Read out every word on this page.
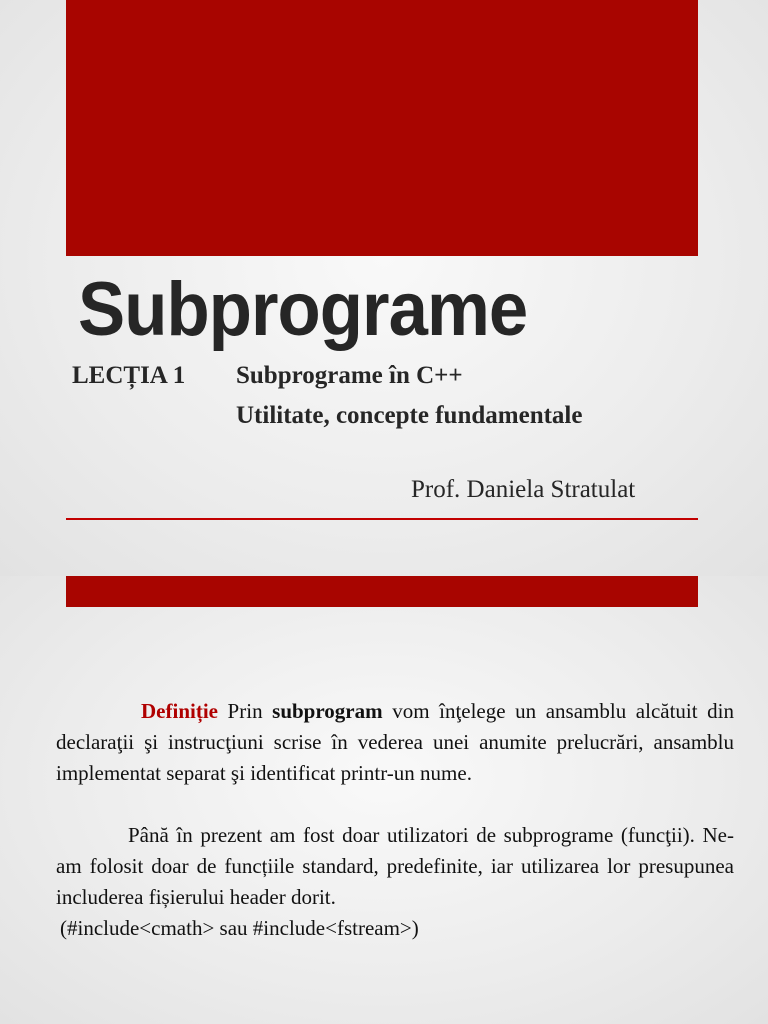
Subprograme
LECȚIA 1 Subprograme în C++
Utilitate, concepte fundamentale
Prof. Daniela Stratulat

Definiție Prin subprogram vom înţelege un ansamblu alcătuit din declaraţii şi instrucţiuni scrise în vederea unei anumite prelucrări, ansamblu implementat separat şi identificat printr-un nume.

Până în prezent am fost doar utilizatori de subprograme (funcţii). Ne-am folosit doar de funcțiile standard, predefinite, iar utilizarea lor presupunea includerea fișierului header dorit.

(#include<cmath> sau #include<fstream>)
